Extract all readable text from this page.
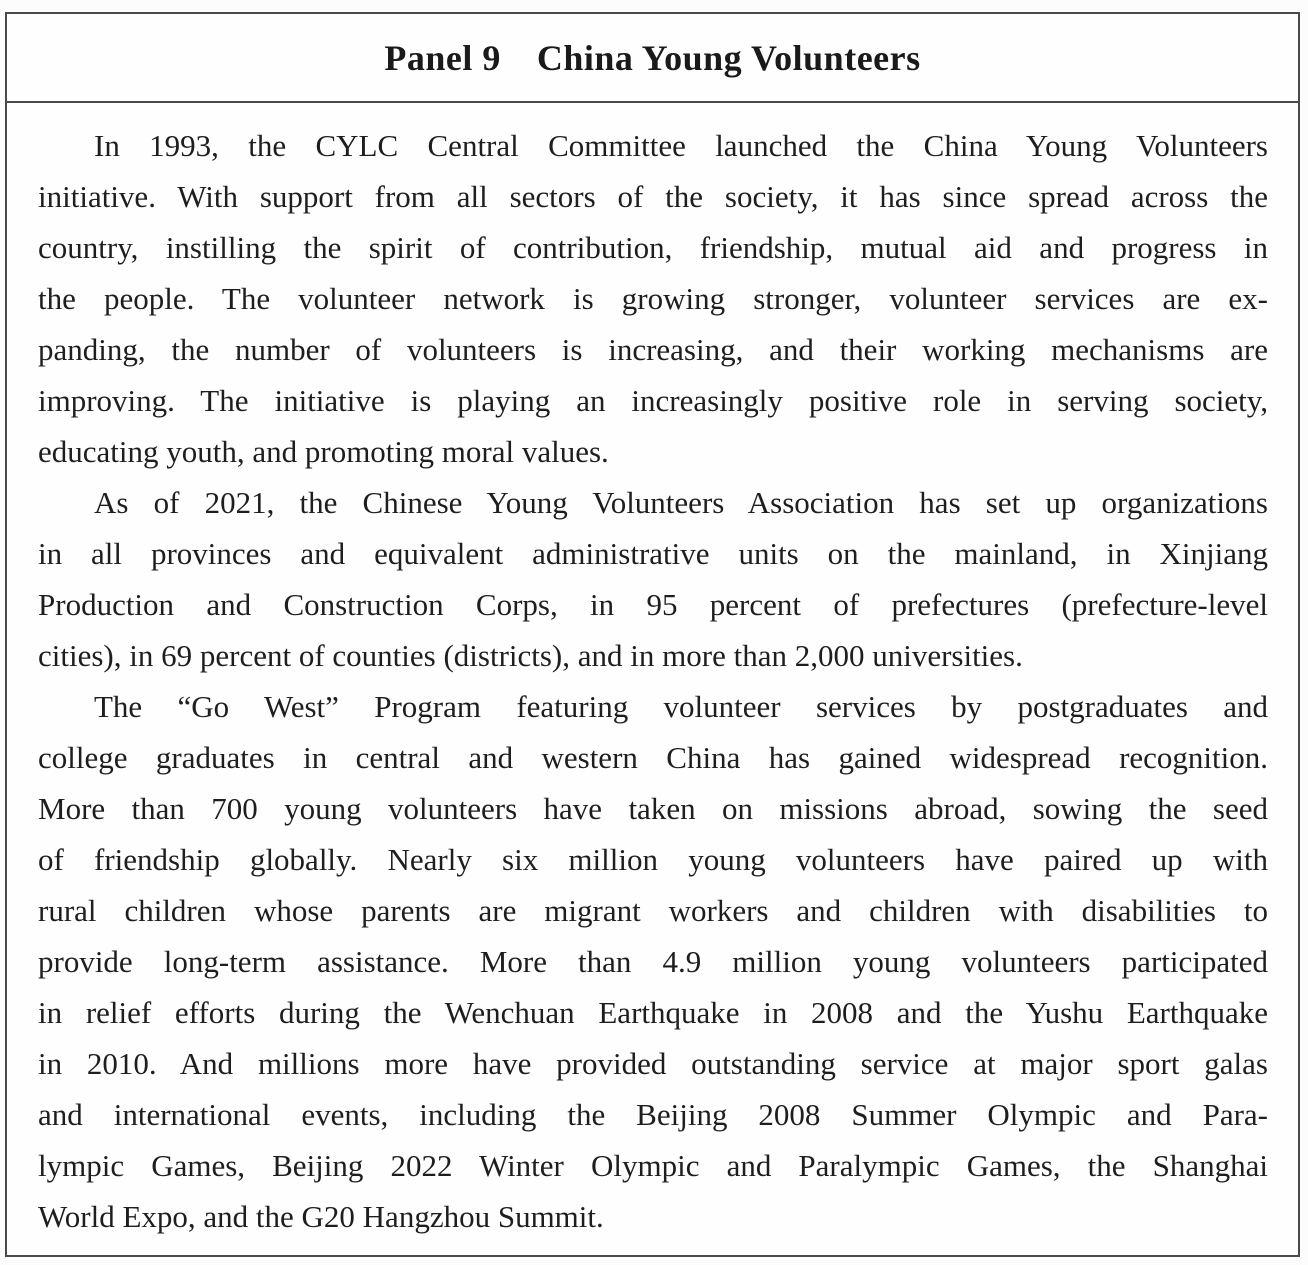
Panel 9 China Young Volunteers
In 1993, the CYLC Central Committee launched the China Young Volunteers
initiative. With support from all sectors of the society, it has since spread across the
country, instilling the spirit of contribution, friendship, mutual aid and progress in
the people. The volunteer network is growing stronger, volunteer services are ex-
panding, the number of volunteers is increasing, and their working mechanisms are
improving. The initiative is playing an increasingly positive role in serving society,
educating youth, and promoting moral values.
As of 2021, the Chinese Young Volunteers Association has set up organizations
in all provinces and equivalent administrative units on the mainland, in Xinjiang
Production and Construction Corps, in 95 percent of prefectures (prefecture-level
cities), in 69 percent of counties (districts), and in more than 2,000 universities.
The “Go West” Program featuring volunteer services by postgraduates and
college graduates in central and western China has gained widespread recognition.
More than 700 young volunteers have taken on missions abroad, sowing the seed
of friendship globally. Nearly six million young volunteers have paired up with
rural children whose parents are migrant workers and children with disabilities to
provide long-term assistance. More than 4.9 million young volunteers participated
in relief efforts during the Wenchuan Earthquake in 2008 and the Yushu Earthquake
in 2010. And millions more have provided outstanding service at major sport galas
and international events, including the Beijing 2008 Summer Olympic and Para-
lympic Games, Beijing 2022 Winter Olympic and Paralympic Games, the Shanghai
World Expo, and the G20 Hangzhou Summit.
